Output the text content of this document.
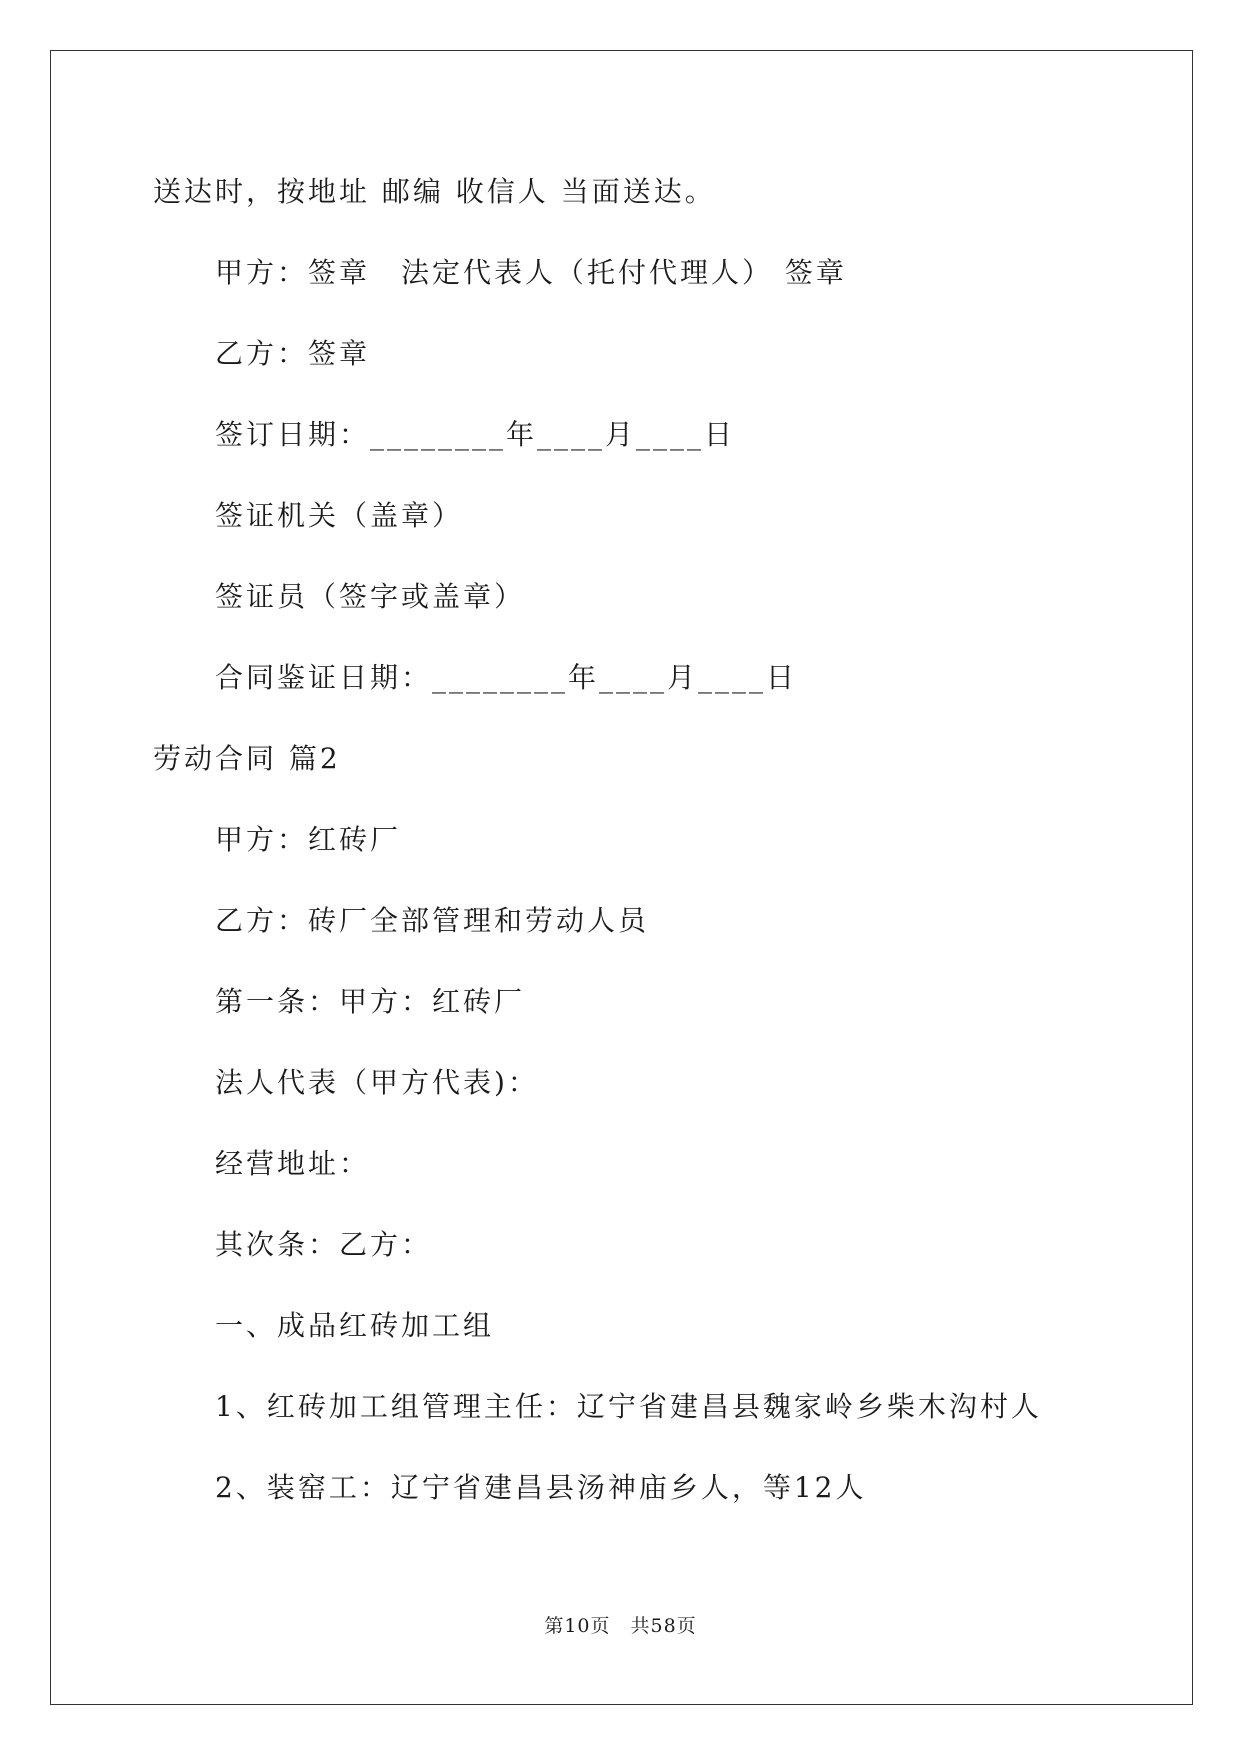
送达时，按地址 邮编 收信人 当面送达。
甲方：签章　法定代表人（托付代理人） 签章
乙方：签章
签订日期：________年____月____日
签证机关（盖章）
签证员（签字或盖章）
合同鉴证日期：________年____月____日
劳动合同 篇2
甲方：红砖厂
乙方：砖厂全部管理和劳动人员
第一条：甲方：红砖厂
法人代表（甲方代表)：
经营地址：
其次条：乙方：
一、成品红砖加工组
1、红砖加工组管理主任：辽宁省建昌县魏家岭乡柴木沟村人
2、装窑工：辽宁省建昌县汤神庙乡人，等12人
第10页　共58页
